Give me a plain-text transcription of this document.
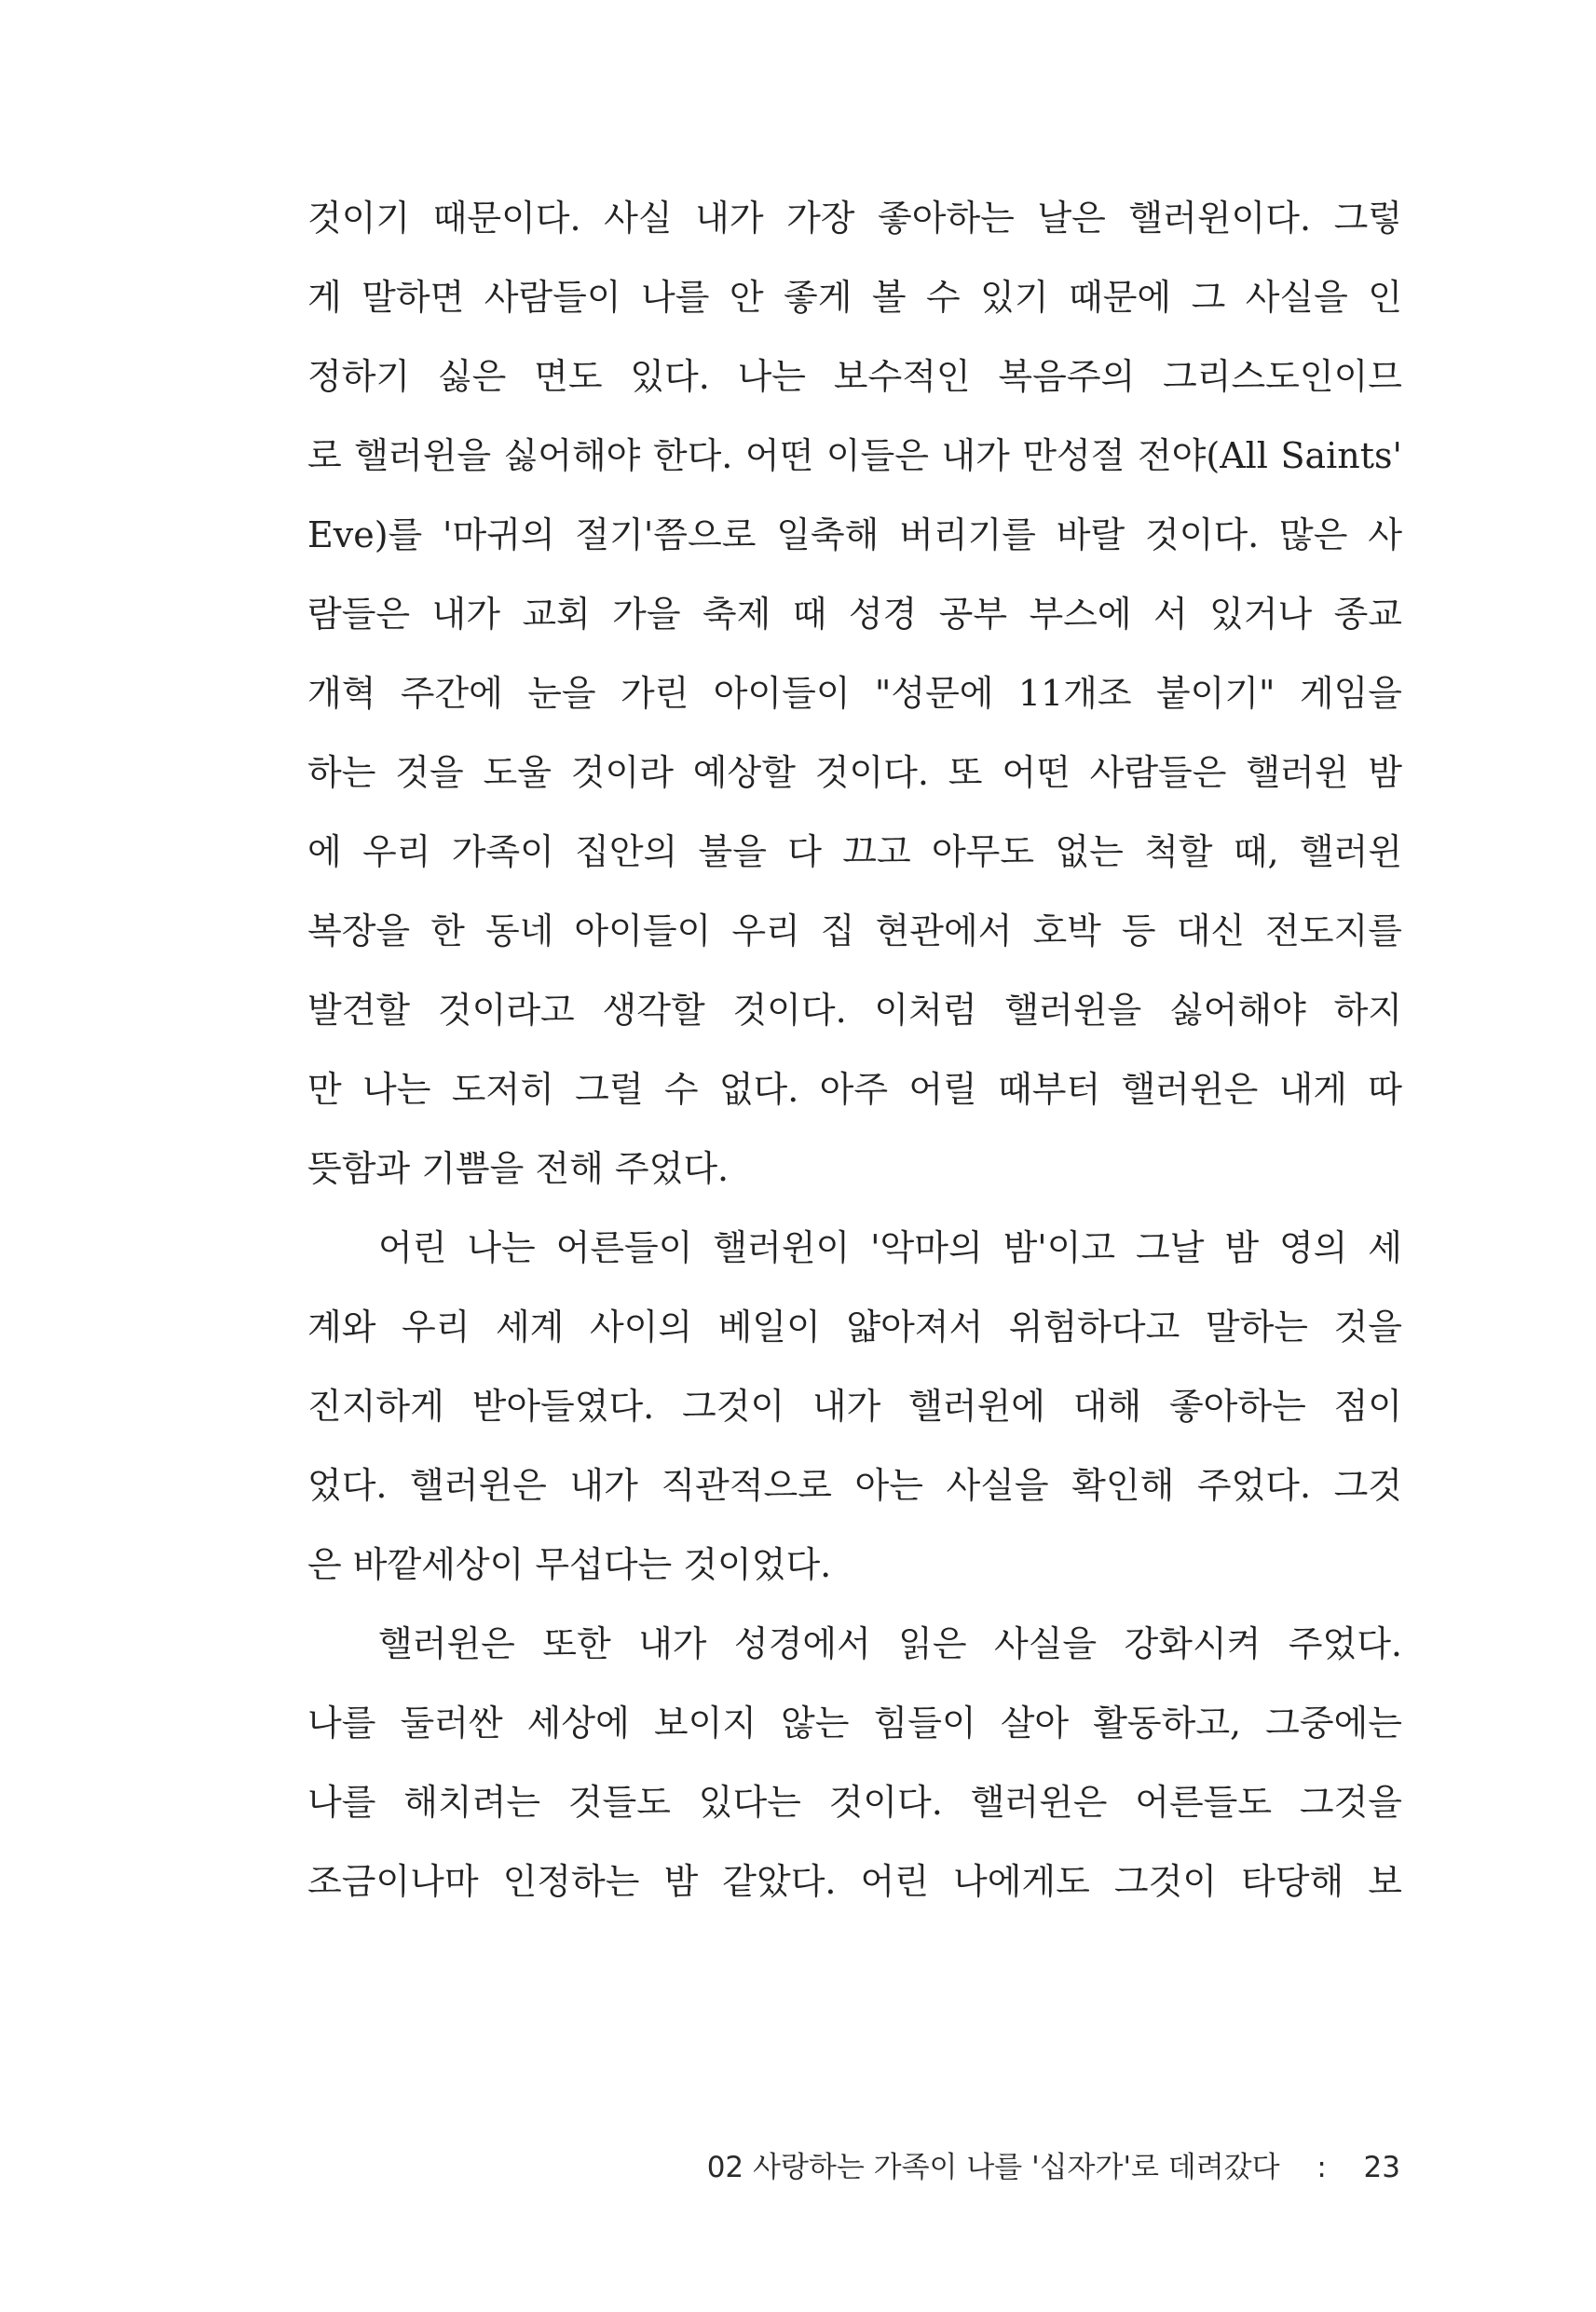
것이기 때문이다. 사실 내가 가장 좋아하는 날은 핼러윈이다. 그렇
게 말하면 사람들이 나를 안 좋게 볼 수 있기 때문에 그 사실을 인
정하기 싫은 면도 있다. 나는 보수적인 복음주의 그리스도인이므
로 핼러윈을 싫어해야 한다. 어떤 이들은 내가 만성절 전야(All Saints'
Eve)를 '마귀의 절기'쯤으로 일축해 버리기를 바랄 것이다. 많은 사
람들은 내가 교회 가을 축제 때 성경 공부 부스에 서 있거나 종교
개혁 주간에 눈을 가린 아이들이 "성문에 11개조 붙이기" 게임을
하는 것을 도울 것이라 예상할 것이다. 또 어떤 사람들은 핼러윈 밤
에 우리 가족이 집안의 불을 다 끄고 아무도 없는 척할 때, 핼러윈
복장을 한 동네 아이들이 우리 집 현관에서 호박 등 대신 전도지를
발견할 것이라고 생각할 것이다. 이처럼 핼러윈을 싫어해야 하지
만 나는 도저히 그럴 수 없다. 아주 어릴 때부터 핼러윈은 내게 따
뜻함과 기쁨을 전해 주었다.
어린 나는 어른들이 핼러윈이 '악마의 밤'이고 그날 밤 영의 세
계와 우리 세계 사이의 베일이 얇아져서 위험하다고 말하는 것을
진지하게 받아들였다. 그것이 내가 핼러윈에 대해 좋아하는 점이
었다. 핼러윈은 내가 직관적으로 아는 사실을 확인해 주었다. 그것
은 바깥세상이 무섭다는 것이었다.
핼러윈은 또한 내가 성경에서 읽은 사실을 강화시켜 주었다.
나를 둘러싼 세상에 보이지 않는 힘들이 살아 활동하고, 그중에는
나를 해치려는 것들도 있다는 것이다. 핼러윈은 어른들도 그것을
조금이나마 인정하는 밤 같았다. 어린 나에게도 그것이 타당해 보
02 사랑하는 가족이 나를 '십자가'로 데려갔다 : 23
